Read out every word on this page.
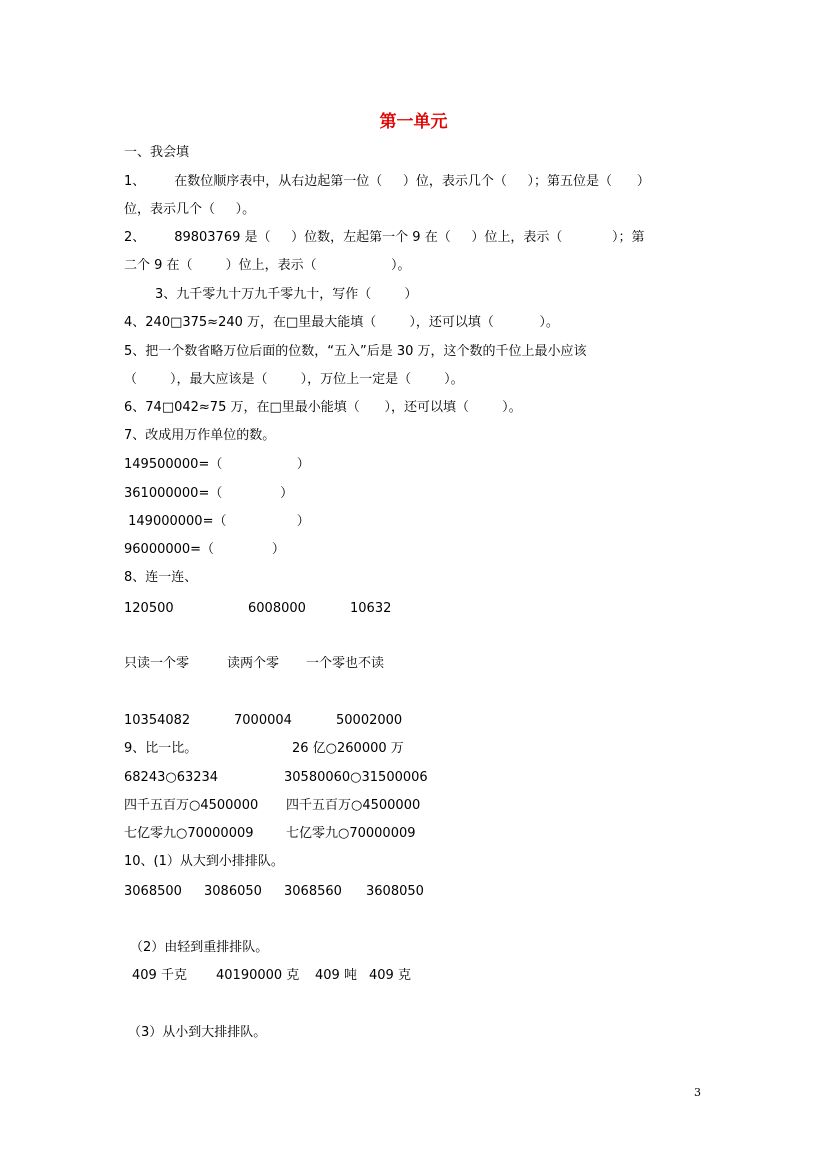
第一单元
一、我会填
1、       在数位顺序表中，从右边起第一位（     ）位，表示几个（     ）；第五位是（      ）
位，表示几个（     ）。
2、       89803769 是（     ）位数，左起第一个 9 在（     ）位上，表示（            ）；第
二个 9 在（        ）位上，表示（                  ）。
3、九千零九十万九千零九十，写作（        ）
4、240□375≈240 万，在□里最大能填（        ），还可以填（           ）。
5、把一个数省略万位后面的位数，“五入”后是 30 万，这个数的千位上最小应该
（        ），最大应该是（        ），万位上一定是（        ）。
6、74□042≈75 万，在□里最小能填（      ），还可以填（        ）。
7、改成用万作单位的数。
149500000=（                  ）
361000000=（              ）
149000000=（                 ）
96000000=（              ）
8、连一连、
120500	6008000	10632
只读一个零	读两个零 一个零也不读
10354082	7000004	50002000
9、比一比。	26 亿○260000 万
68243○63234	30580060○31500006
四千五百万○4500000 四千五百万○4500000
七亿零九○70000009 七亿零九○70000009
10、(1）从大到小排排队。
3068500 3086050 3068560 3608050
（2）由轻到重排排队。
409 千克 40190000 克 409 吨 409 克
（3）从小到大排排队。
3
